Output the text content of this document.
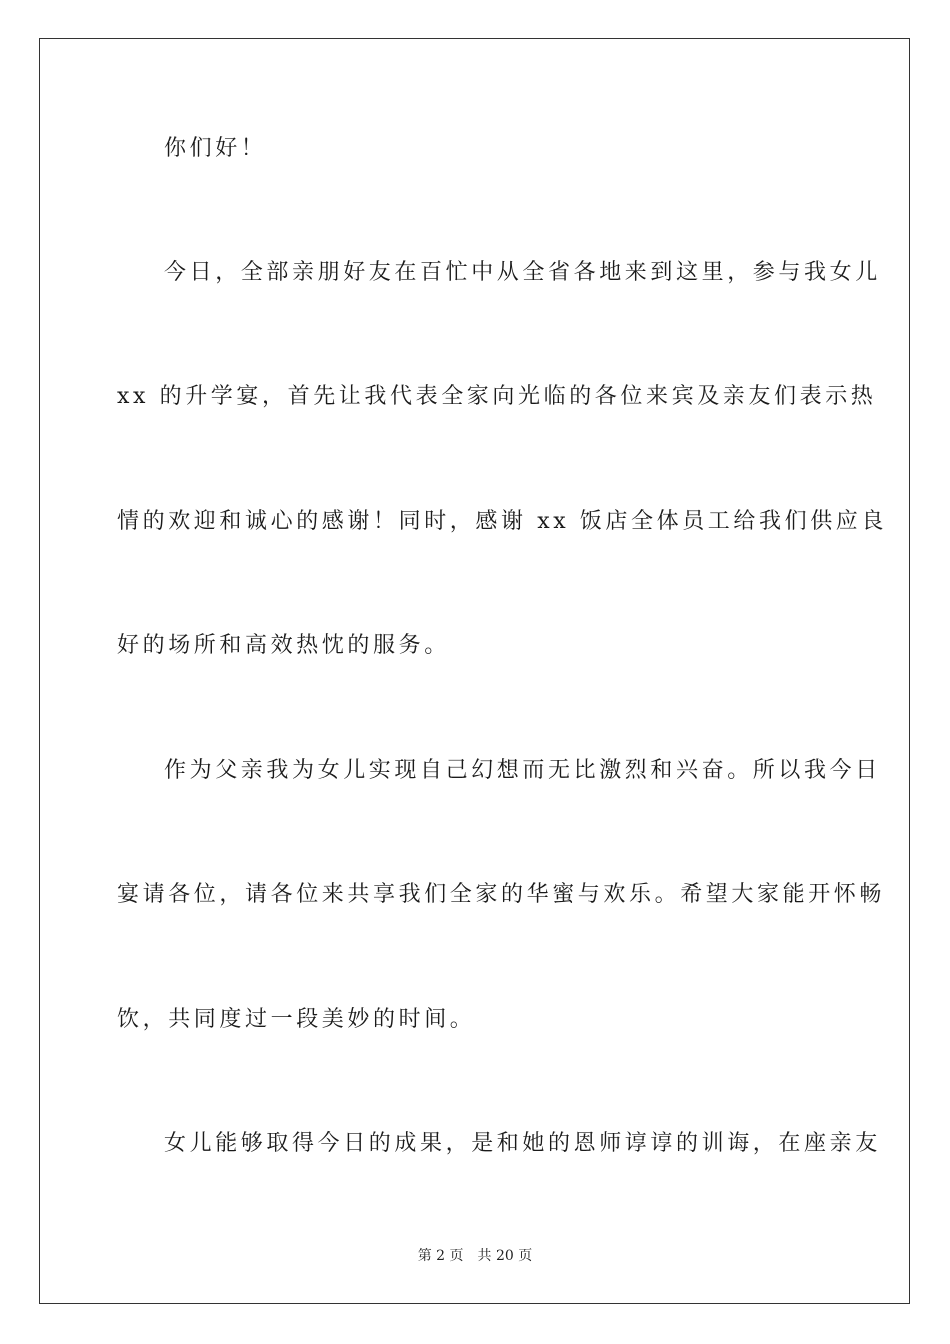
你们好！
今日，全部亲朋好友在百忙中从全省各地来到这里，参与我女儿
xx 的升学宴，首先让我代表全家向光临的各位来宾及亲友们表示热
情的欢迎和诚心的感谢！同时，感谢 xx 饭店全体员工给我们供应良
好的场所和高效热忱的服务。
作为父亲我为女儿实现自己幻想而无比激烈和兴奋。所以我今日
宴请各位，请各位来共享我们全家的华蜜与欢乐。希望大家能开怀畅
饮，共同度过一段美妙的时间。
女儿能够取得今日的成果，是和她的恩师谆谆的训诲，在座亲友
第 2 页 共 20 页
